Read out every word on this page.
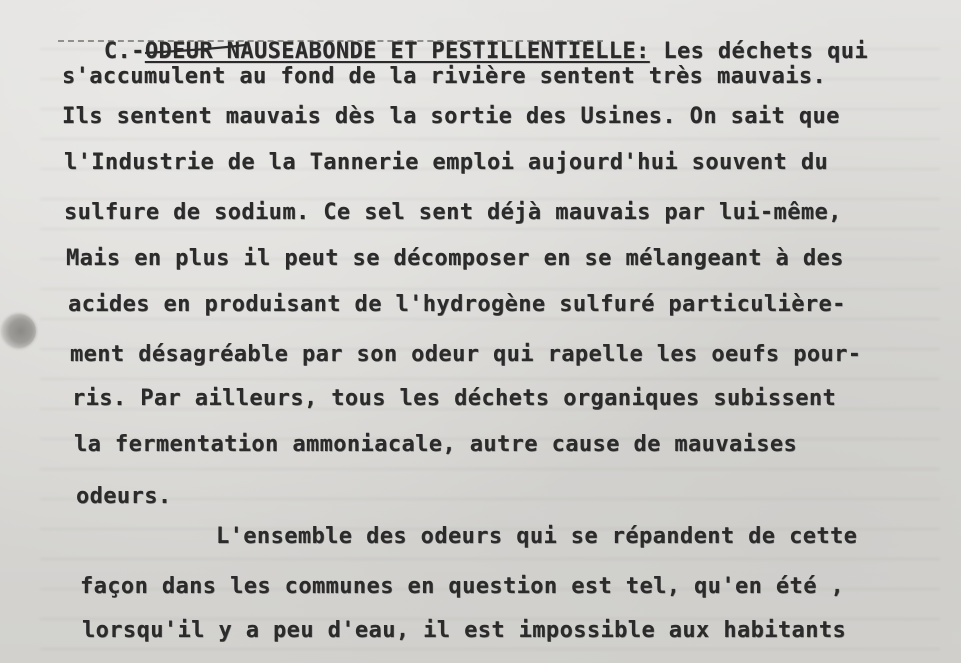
C.-ODEUR NAUSEABONDE ET PESTILLENTIELLE:
Les déchets qui

s'accumulent au fond de la rivière sentent très mauvais.
Ils sentent mauvais dès la sortie des Usines. On sait que
l'Industrie de la Tannerie emploi aujourd'hui souvent du
sulfure de sodium. Ce sel sent déjà mauvais par lui-même,
Mais en plus il peut se décomposer en se mélangeant à des
acides en produisant de l'hydrogène sulfuré particulière-
ment désagréable par son odeur qui rapelle les oeufs pour-
ris. Par ailleurs, tous les déchets organiques subissent
la fermentation ammoniacale, autre cause de mauvaises
odeurs.
L'ensemble des odeurs qui se répandent de cette
façon dans les communes en question est tel, qu'en été ,
lorsqu'il y a peu d'eau, il est impossible aux habitants
